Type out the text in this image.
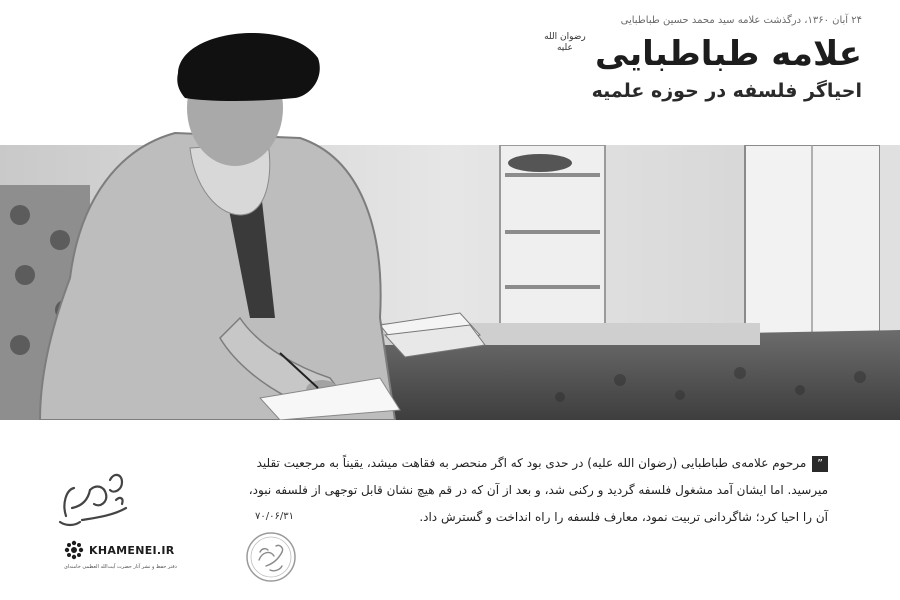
۲۴ آبان ۱۳۶۰، درگذشت علامه سید محمد حسین طباطبایی
علامه طباطبایی
رضوان الله
علیه
احیاگر فلسفه در حوزه علمیه
”مرحوم علامه‌ی طباطبایی (رضوان الله علیه) در حدی بود که اگر منحصر به فقاهت میشد، یقیناً به مرجعیت تقلید میرسید. اما ایشان آمد مشغول فلسفه گردید و رکنی شد، و بعد از آن که در قم هیچ نشان قابل توجهی از فلسفه نبود، آن را احیا کرد؛ شاگردانی تربیت نمود، معارف فلسفه را راه انداخت و گسترش داد.
۷۰/۰۶/۳۱
KHAMENEI.IR
دفتر حفظ و نشر آثار حضرت آیت‌الله العظمی خامنه‌ای
